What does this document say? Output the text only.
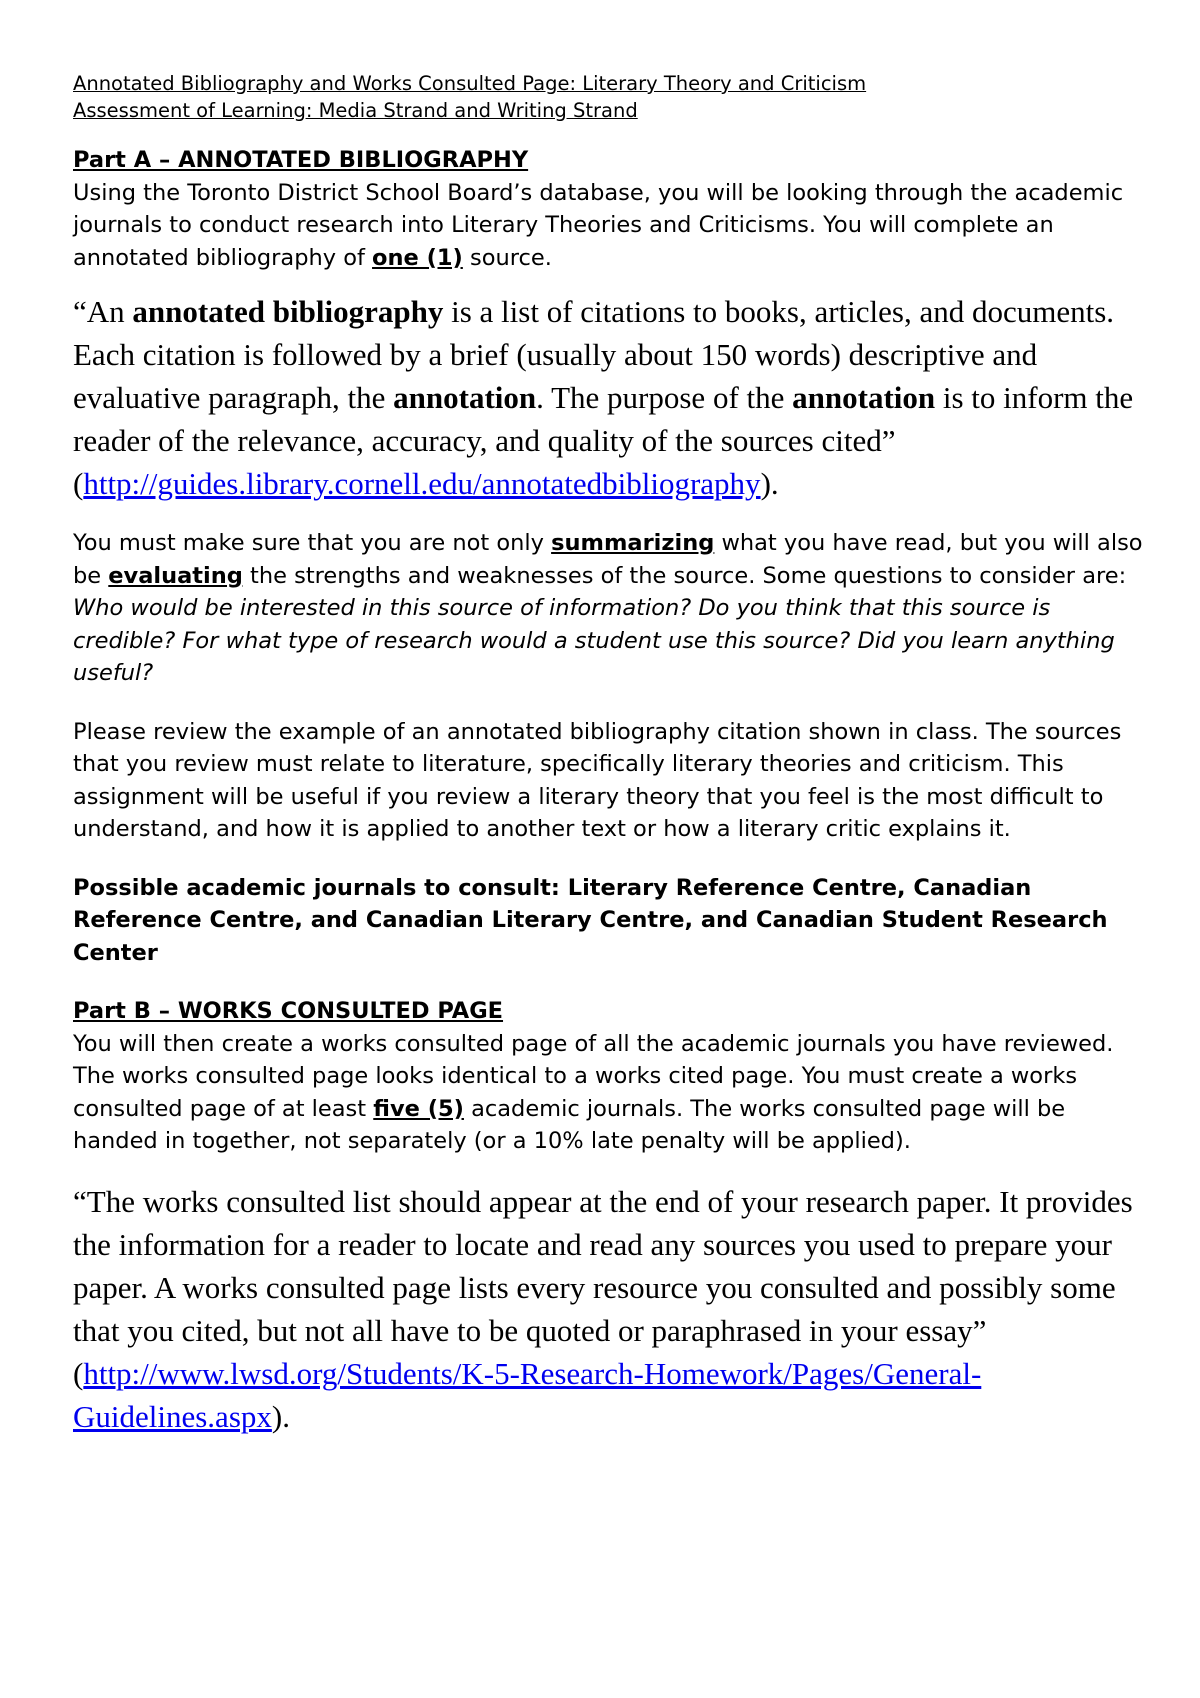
Annotated Bibliography and Works Consulted Page: Literary Theory and Criticism

Assessment of Learning: Media Strand and Writing Strand

Part A – ANNOTATED BIBLIOGRAPHY

Using the Toronto District School Board’s database, you will be looking through the academic journals to conduct research into Literary Theories and Criticisms. You will complete an annotated bibliography of one (1) source.

“An annotated bibliography is a list of citations to books, articles, and documents. Each citation is followed by a brief (usually about 150 words) descriptive and evaluative paragraph, the annotation. The purpose of the annotation is to inform the reader of the relevance, accuracy, and quality of the sources cited” (http://guides.library.cornell.edu/annotatedbibliography).

You must make sure that you are not only summarizing what you have read, but you will also be evaluating the strengths and weaknesses of the source. Some questions to consider are: Who would be interested in this source of information? Do you think that this source is credible? For what type of research would a student use this source? Did you learn anything useful?

Please review the example of an annotated bibliography citation shown in class. The sources that you review must relate to literature, specifically literary theories and criticism. This assignment will be useful if you review a literary theory that you feel is the most difficult to understand, and how it is applied to another text or how a literary critic explains it.

Possible academic journals to consult: Literary Reference Centre, Canadian Reference Centre, and Canadian Literary Centre, and Canadian Student Research Center

Part B – WORKS CONSULTED PAGE

You will then create a works consulted page of all the academic journals you have reviewed. The works consulted page looks identical to a works cited page. You must create a works consulted page of at least five (5) academic journals. The works consulted page will be handed in together, not separately (or a 10% late penalty will be applied).

“The works consulted list should appear at the end of your research paper. It provides the information for a reader to locate and read any sources you used to prepare your paper. A works consulted page lists every resource you consulted and possibly some that you cited, but not all have to be quoted or paraphrased in your essay” (http://www.lwsd.org/Students/K-5-Research-Homework/Pages/General-Guidelines.aspx).
